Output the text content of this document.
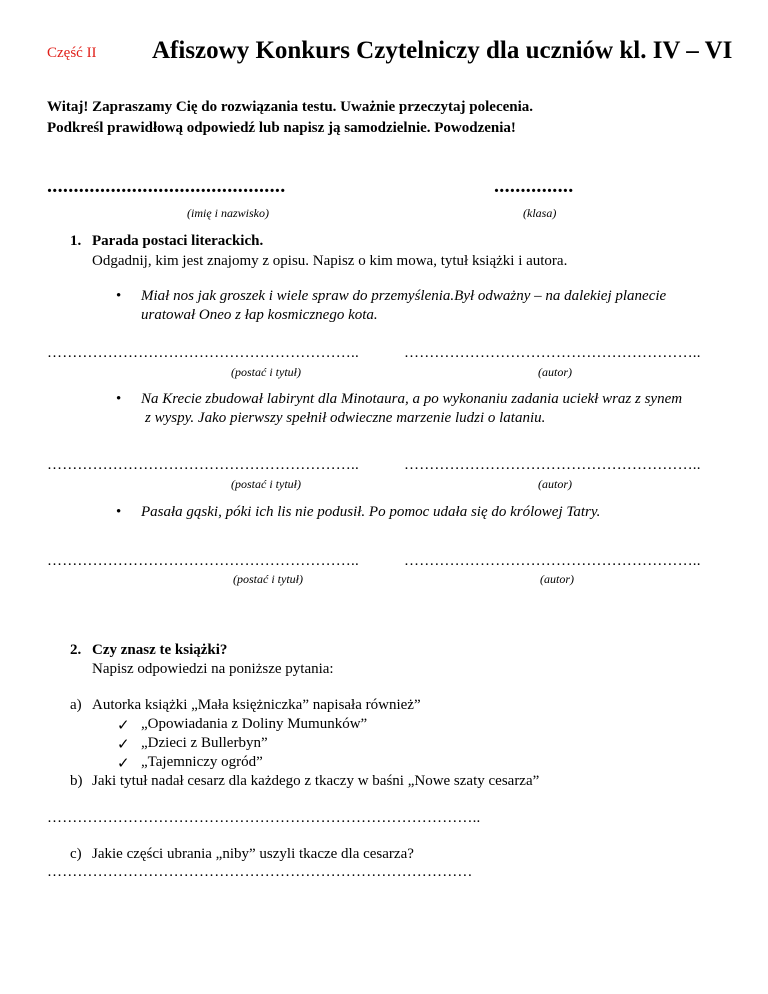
Część II Afiszowy Konkurs Czytelniczy dla uczniów kl. IV – VI
Witaj! Zapraszamy Cię do rozwiązania testu. Uważnie przeczytaj polecenia.
Podkreśl prawidłową odpowiedź lub napisz ją samodzielnie. Powodzenia!
.............................................	...............
(imię i nazwisko)	(klasa)
1. Parada postaci literackich.
Odgadnij, kim jest znajomy z opisu. Napisz o kim mowa, tytuł książki i autora.
• Miał nos jak groszek i wiele spraw do przemyślenia.Był odważny – na dalekiej planecie
uratował Oneo z łap kosmicznego kota.
……………………………………………………..	…………………………………………………..
(postać i tytuł)	(autor)
• Na Krecie zbudował labirynt dla Minotaura, a po wykonaniu zadania uciekł wraz z synem
z wyspy. Jako pierwszy spełnił odwieczne marzenie ludzi o lataniu.
……………………………………………………..	…………………………………………………..
(postać i tytuł)	(autor)
• Pasała gąski, póki ich lis nie podusił. Po pomoc udała się do królowej Tatry.
……………………………………………………..	…………………………………………………..
(postać i tytuł)	(autor)
2. Czy znasz te książki?
Napisz odpowiedzi na poniższe pytania:
a) Autorka książki „Mała księżniczka” napisała również”
✓ „Opowiadania z Doliny Mumunków”
✓ „Dzieci z Bullerbyn”
✓ „Tajemniczy ogród”
b) Jaki tytuł nadał cesarz dla każdego z tkaczy w baśni „Nowe szaty cesarza”
…………………………………………………………………………..
c) Jakie części ubrania „niby” uszyli tkacze dla cesarza?
…………………………………………………………………………
